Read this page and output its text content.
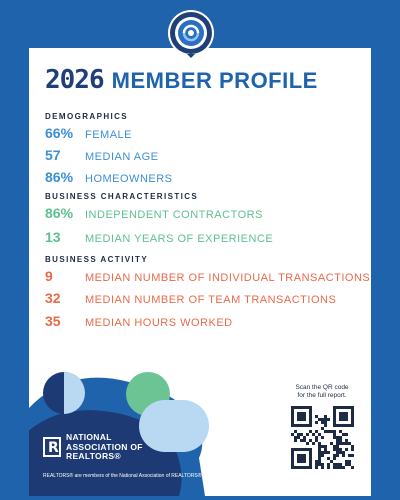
2026 MEMBER PROFILE
DEMOGRAPHICS
66%	FEMALE
57	MEDIAN AGE
86%	HOMEOWNERS
BUSINESS CHARACTERISTICS
86%	INDEPENDENT CONTRACTORS
13	MEDIAN YEARS OF EXPERIENCE
BUSINESS ACTIVITY
9	MEDIAN NUMBER OF INDIVIDUAL TRANSACTIONS
32	MEDIAN NUMBER OF TEAM TRANSACTIONS
35	MEDIAN HOURS WORKED
R
NATIONAL
ASSOCIATION OF
REALTORS®
REALTORS® are members of the National Association of REALTORS®.
Scan the QR code
for the full report.
